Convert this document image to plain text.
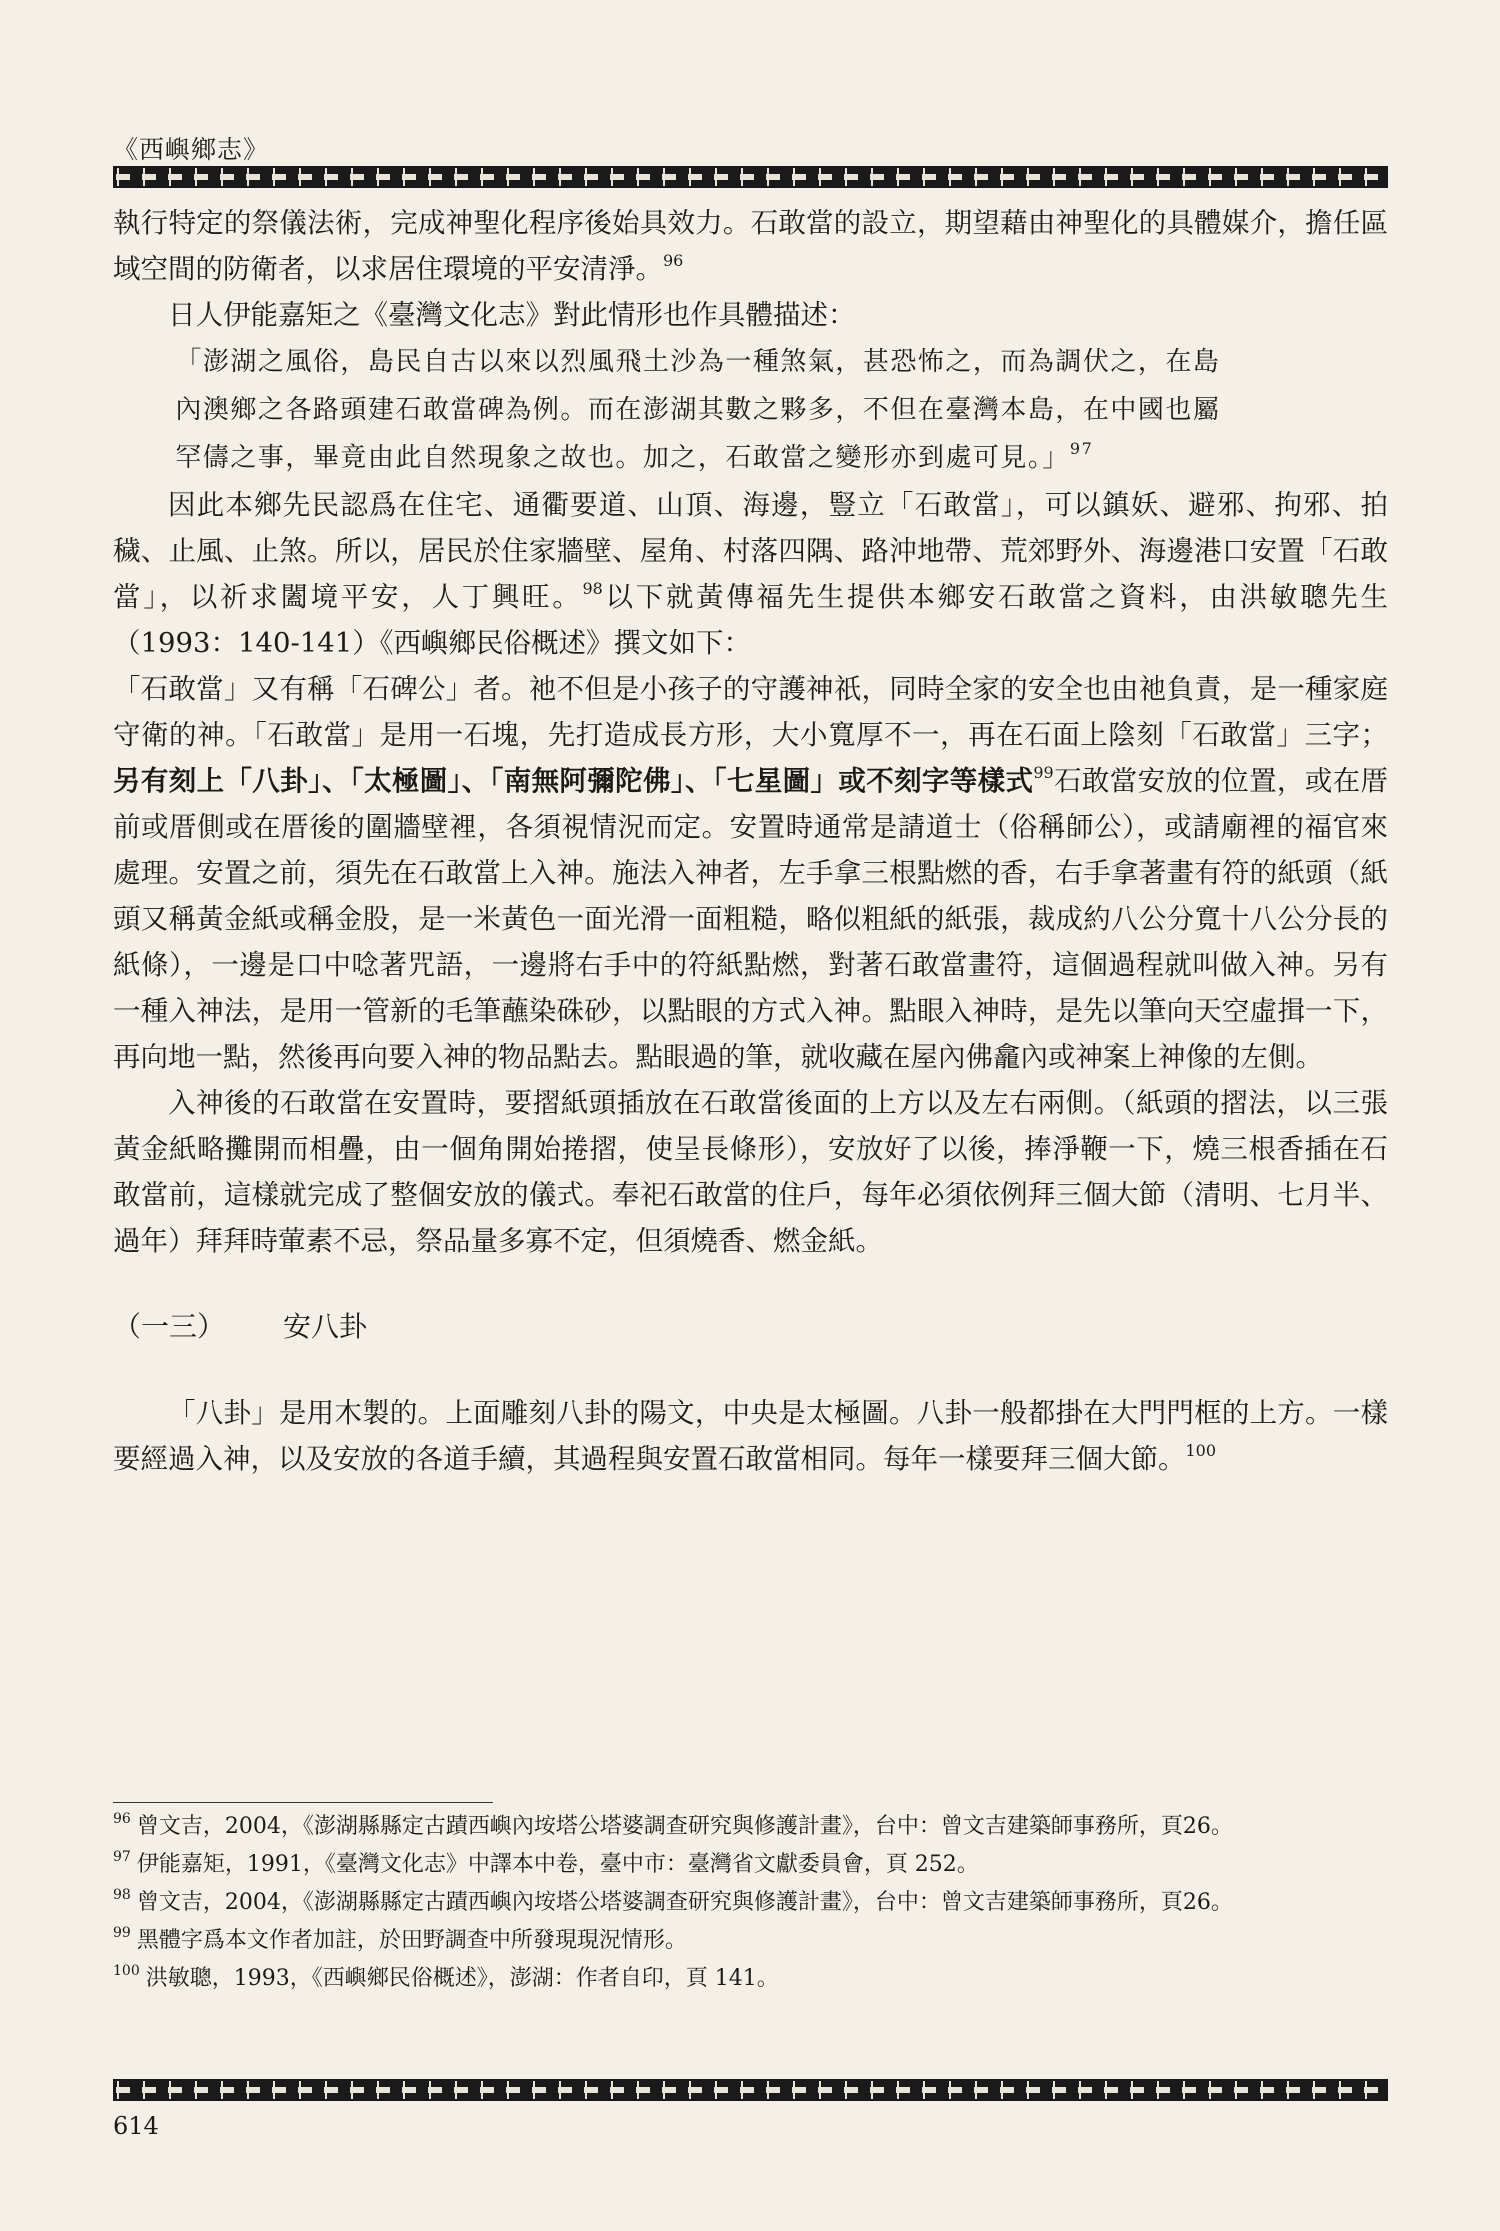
《西嶼鄉志》

執行特定的祭儀法術，完成神聖化程序後始具效力。石敢當的設立，期望藉由神聖化的具體媒介，擔任區域空間的防衛者，以求居住環境的平安清淨。$^{96}$

日人伊能嘉矩之《臺灣文化志》對此情形也作具體描述：

「澎湖之風俗，島民自古以來以烈風飛土沙為一種煞氣，甚恐怖之，而為調伏之，在島
內澳鄉之各路頭建石敢當碑為例。而在澎湖其數之夥多，不但在臺灣本島，在中國也屬
罕儔之事，畢竟由此自然現象之故也。加之，石敢當之變形亦到處可見。」$^{97}$

因此本鄉先民認爲在住宅、通衢要道、山頂、海邊，豎立「石敢當」，可以鎮妖、避邪、拘邪、拍穢、止風、止煞。所以，居民於住家牆壁、屋角、村落四隅、路沖地帶、荒郊野外、海邊港口安置「石敢當」，以祈求闔境平安，人丁興旺。$^{98}$以下就黃傳福先生提供本鄉安石敢當之資料，由洪敏聰先生（1993：140-141）《西嶼鄉民俗概述》撰文如下：

「石敢當」又有稱「石碑公」者。祂不但是小孩子的守護神祇，同時全家的安全也由祂負責，是一種家庭守衛的神。「石敢當」是用一石塊，先打造成長方形，大小寬厚不一，再在石面上陰刻「石敢當」三字；另有刻上「八卦」、「太極圖」、「南無阿彌陀佛」、「七星圖」或不刻字等樣式$^{99}$石敢當安放的位置，或在厝前或厝側或在厝後的圍牆壁裡，各須視情況而定。安置時通常是請道士（俗稱師公），或請廟裡的福官來處理。安置之前，須先在石敢當上入神。施法入神者，左手拿三根點燃的香，右手拿著畫有符的紙頭（紙頭又稱黃金紙或稱金股，是一米黃色一面光滑一面粗糙，略似粗紙的紙張，裁成約八公分寬十八公分長的紙條），一邊是口中唸著咒語，一邊將右手中的符紙點燃，對著石敢當畫符，這個過程就叫做入神。另有一種入神法，是用一管新的毛筆蘸染硃砂，以點眼的方式入神。點眼入神時，是先以筆向天空虛揖一下，再向地一點，然後再向要入神的物品點去。點眼過的筆，就收藏在屋內佛龕內或神案上神像的左側。

入神後的石敢當在安置時，要摺紙頭插放在石敢當後面的上方以及左右兩側。（紙頭的摺法，以三張黃金紙略攤開而相疊，由一個角開始捲摺，使呈長條形），安放好了以後，捧淨鞭一下，燒三根香插在石敢當前，這樣就完成了整個安放的儀式。奉祀石敢當的住戶，每年必須依例拜三個大節（清明、七月半、過年）拜拜時葷素不忌，祭品量多寡不定，但須燒香、燃金紙。

（一三） 安八卦

「八卦」是用木製的。上面雕刻八卦的陽文，中央是太極圖。八卦一般都掛在大門門框的上方。一樣要經過入神，以及安放的各道手續，其過程與安置石敢當相同。每年一樣要拜三個大節。$^{100}$

$^{96}$ 曾文吉，2004，《澎湖縣縣定古蹟西嶼內垵塔公塔婆調查研究與修護計畫》，台中：曾文吉建築師事務所，頁26。

$^{97}$ 伊能嘉矩，1991，《臺灣文化志》中譯本中卷，臺中市：臺灣省文獻委員會，頁 252。

$^{98}$ 曾文吉，2004，《澎湖縣縣定古蹟西嶼內垵塔公塔婆調查研究與修護計畫》，台中：曾文吉建築師事務所，頁26。

$^{99}$ 黑體字爲本文作者加註，於田野調查中所發現現況情形。

$^{100}$ 洪敏聰，1993，《西嶼鄉民俗概述》，澎湖：作者自印，頁 141。

614
